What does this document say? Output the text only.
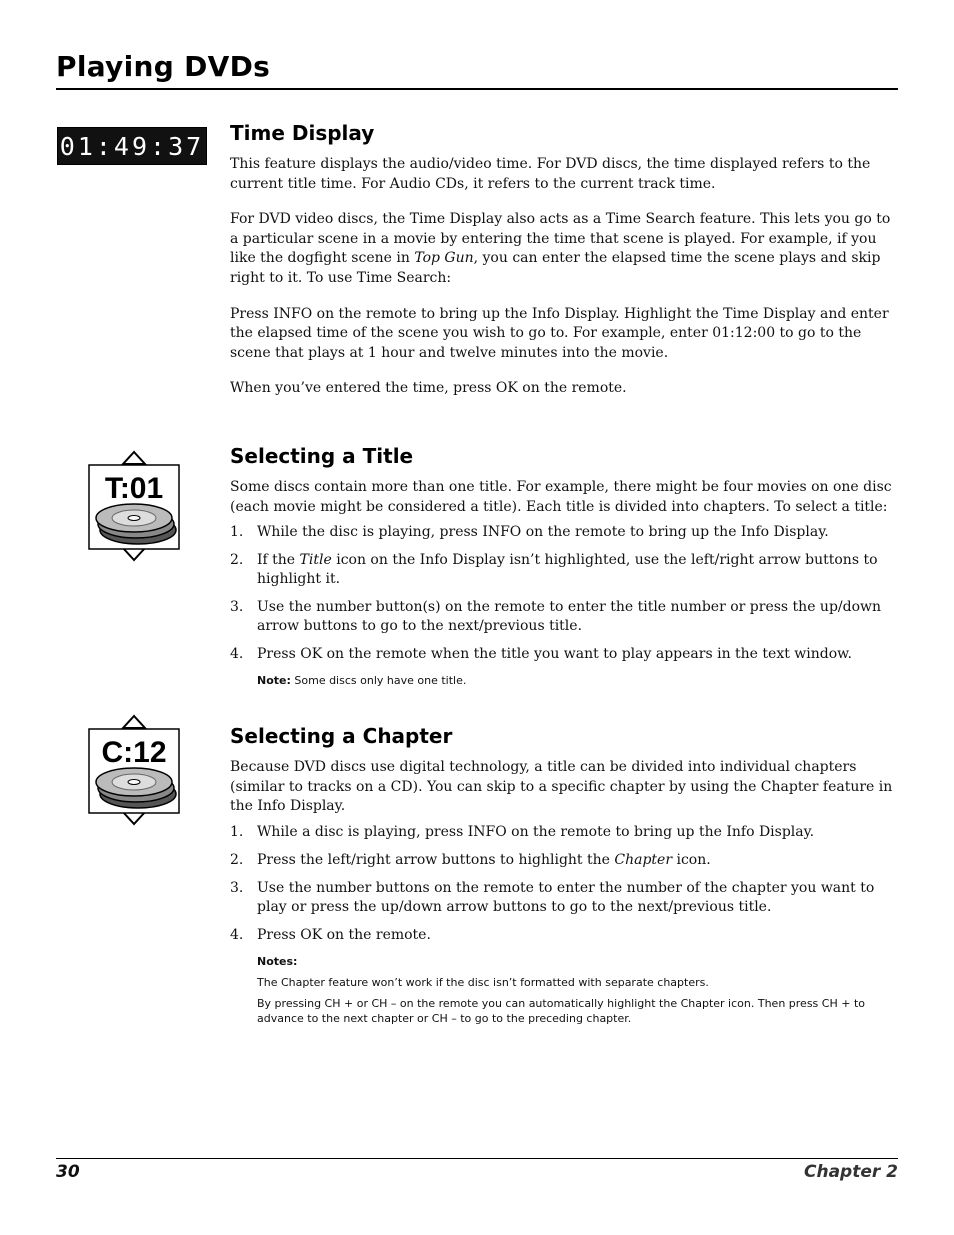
Playing DVDs
01:49:37 Time Display

This feature displays the audio/video time. For DVD discs, the time displayed refers to the current title time. For Audio CDs, it refers to the current track time.

For DVD video discs, the Time Display also acts as a Time Search feature. This lets you go to a particular scene in a movie by entering the time that scene is played. For example, if you like the dogfight scene in Top Gun, you can enter the elapsed time the scene plays and skip right to it. To use Time Search:

Press INFO on the remote to bring up the Info Display. Highlight the Time Display and enter the elapsed time of the scene you wish to go to. For example, enter 01:12:00 to go to the scene that plays at 1 hour and twelve minutes into the movie.

When you’ve entered the time, press OK on the remote.

T:01
Selecting a Title

Some discs contain more than one title. For example, there might be four movies on one disc (each movie might be considered a title). Each title is divided into chapters. To select a title:

1. While the disc is playing, press INFO on the remote to bring up the Info Display.
2. If the Title icon on the Info Display isn’t highlighted, use the left/right arrow buttons to highlight it.
3. Use the number button(s) on the remote to enter the title number or press the up/down arrow buttons to go to the next/previous title.
4. Press OK on the remote when the title you want to play appears in the text window.
Note: Some discs only have one title.
C:12	Selecting a Chapter

Because DVD discs use digital technology, a title can be divided into individual chapters (similar to tracks on a CD). You can skip to a specific chapter by using the Chapter feature in the Info Display.

1. While a disc is playing, press INFO on the remote to bring up the Info Display.
2. Press the left/right arrow buttons to highlight the Chapter icon.
3. Use the number buttons on the remote to enter the number of the chapter you want to play or press the up/down arrow buttons to go to the next/previous title.
4. Press OK on the remote.

Notes:

The Chapter feature won’t work if the disc isn’t formatted with separate chapters.

By pressing CH + or CH – on the remote you can automatically highlight the Chapter icon. Then press CH + to advance to the next chapter or CH – to go to the preceding chapter.

30	Chapter 2
